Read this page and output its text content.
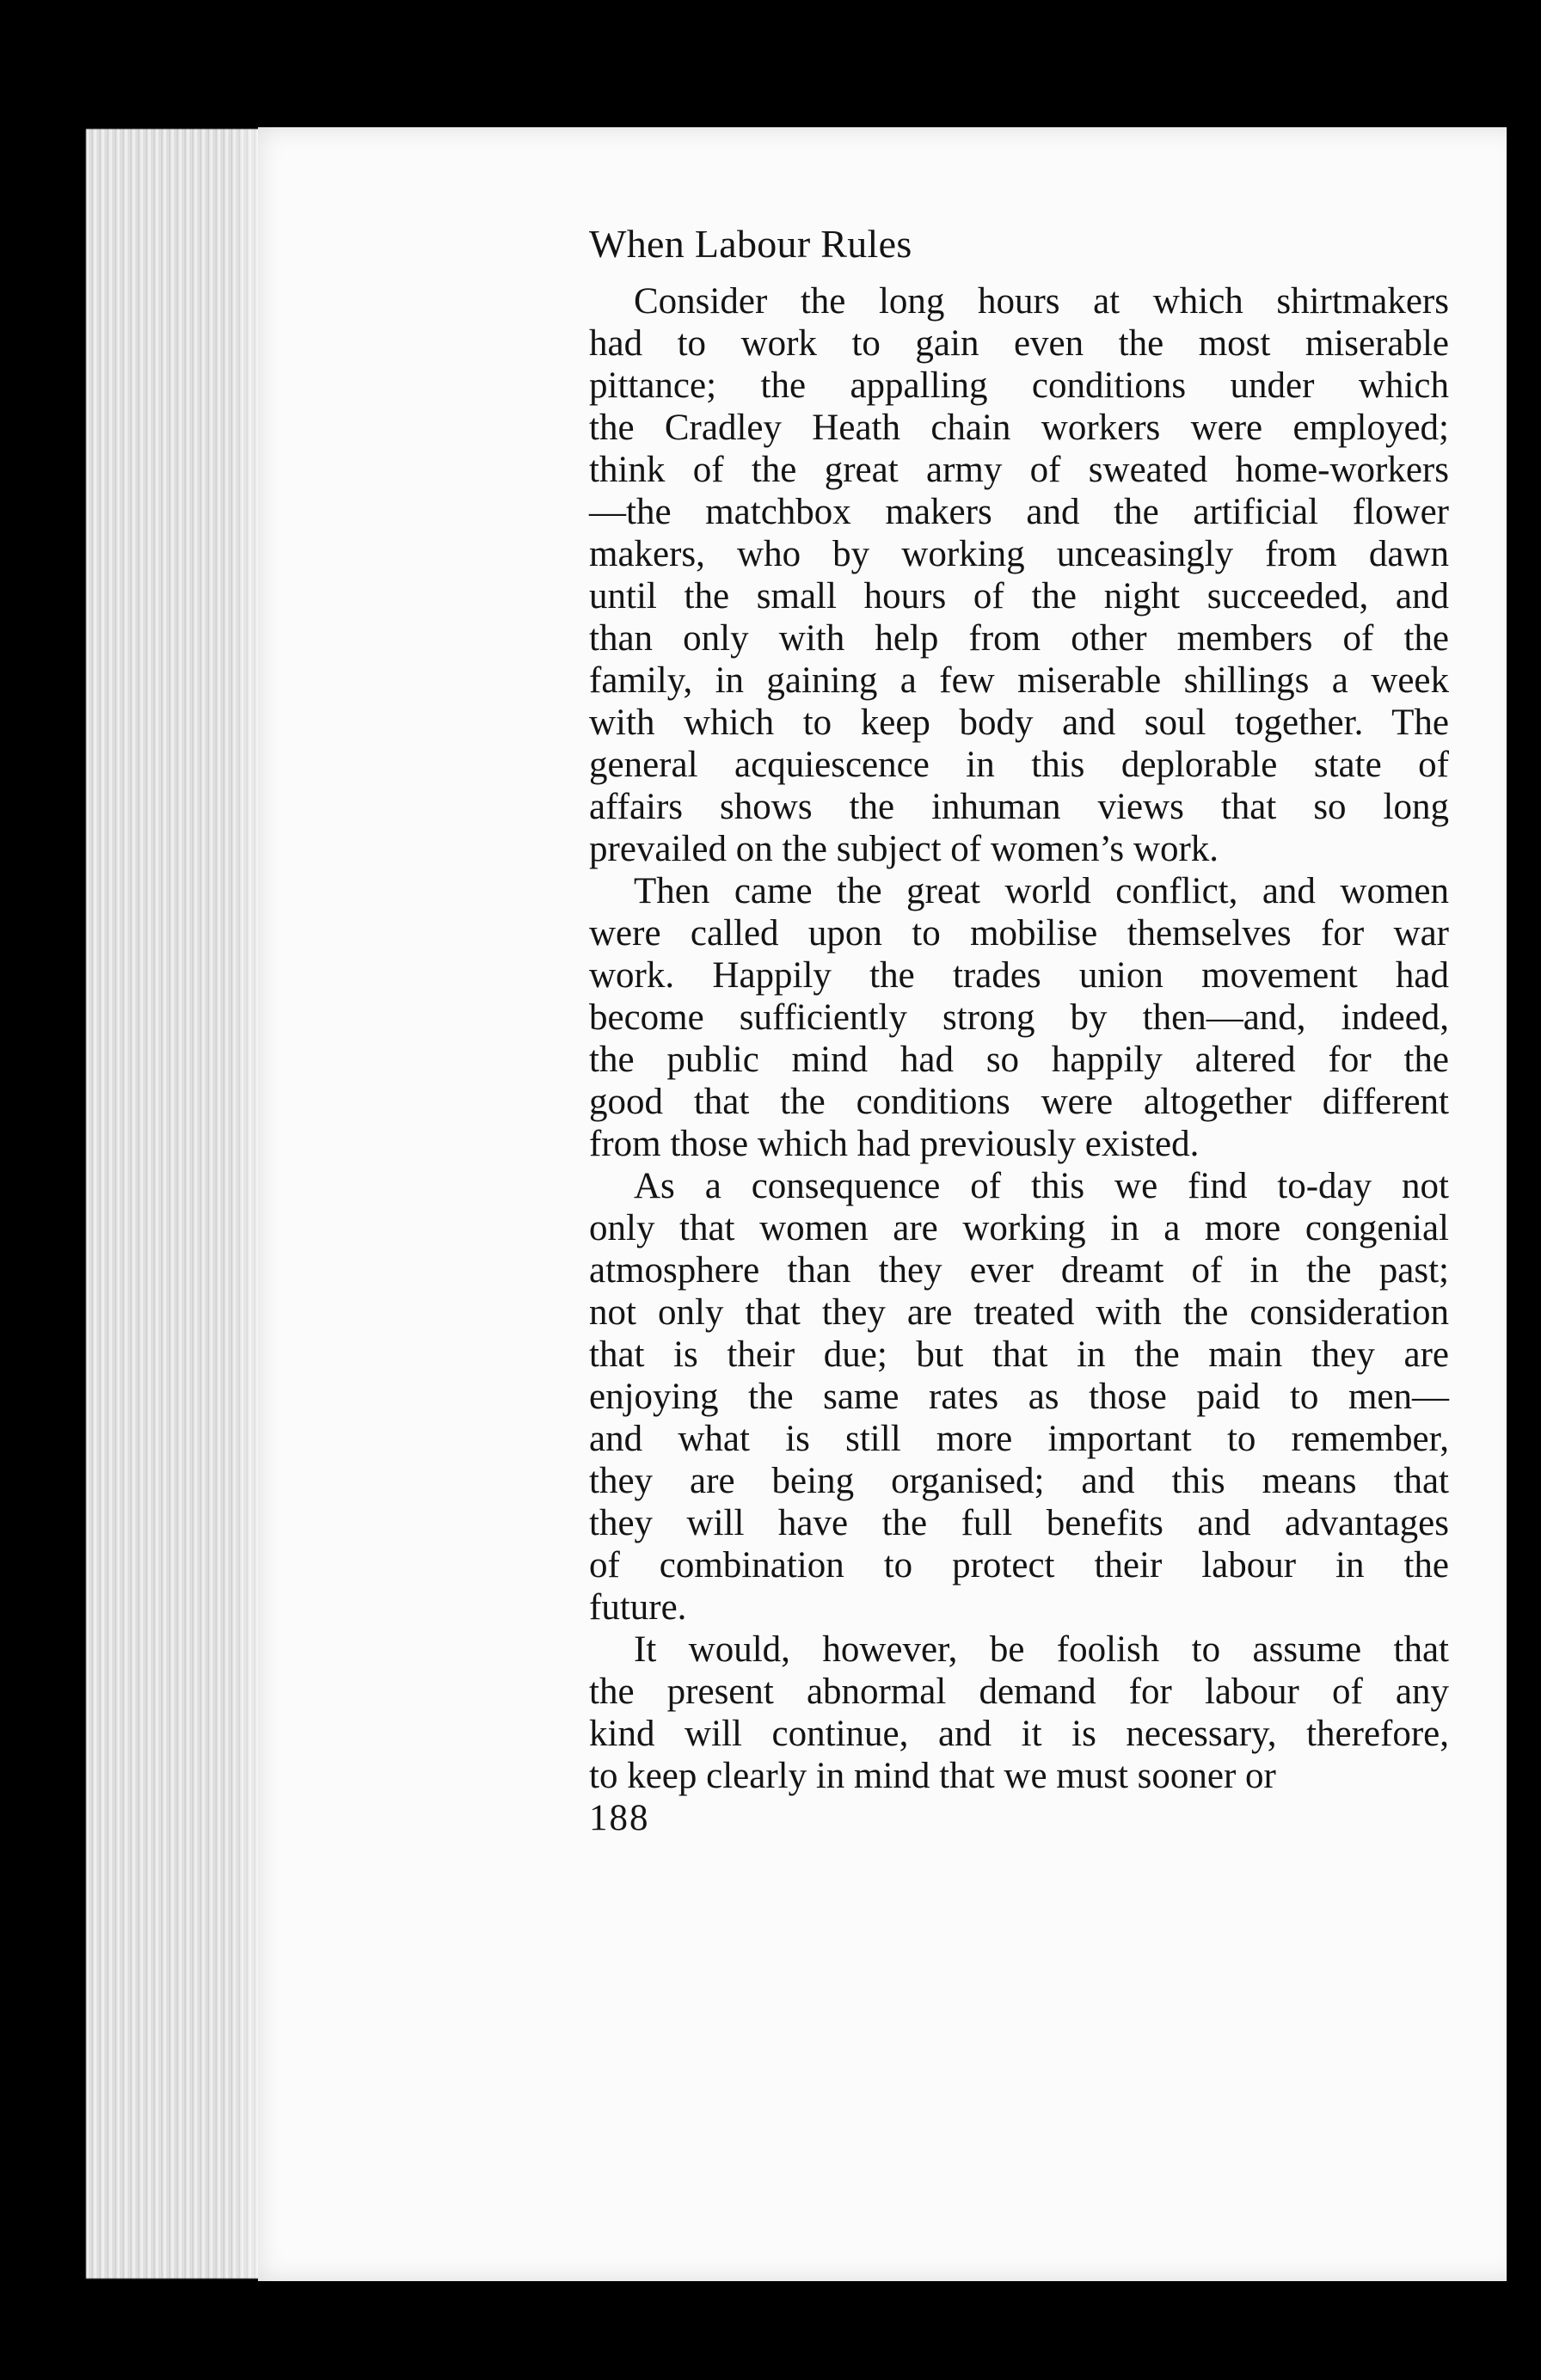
When Labour Rules
Consider the long hours at which shirtmakers
had to work to gain even the most miserable
pittance; the appalling conditions under which
the Cradley Heath chain workers were employed;
think of the great army of sweated home-workers
—the matchbox makers and the artificial flower
makers, who by working unceasingly from dawn
until the small hours of the night succeeded, and
than only with help from other members of the
family, in gaining a few miserable shillings a week
with which to keep body and soul together. The
general acquiescence in this deplorable state of
affairs shows the inhuman views that so long
prevailed on the subject of women’s work.
Then came the great world conflict, and women
were called upon to mobilise themselves for war
work. Happily the trades union movement had
become sufficiently strong by then—and, indeed,
the public mind had so happily altered for the
good that the conditions were altogether different
from those which had previously existed.
As a consequence of this we find to-day not
only that women are working in a more congenial
atmosphere than they ever dreamt of in the past;
not only that they are treated with the consideration
that is their due; but that in the main they are
enjoying the same rates as those paid to men—
and what is still more important to remember,
they are being organised; and this means that
they will have the full benefits and advantages
of combination to protect their labour in the
future.
It would, however, be foolish to assume that
the present abnormal demand for labour of any
kind will continue, and it is necessary, therefore,
to keep clearly in mind that we must sooner or
188
